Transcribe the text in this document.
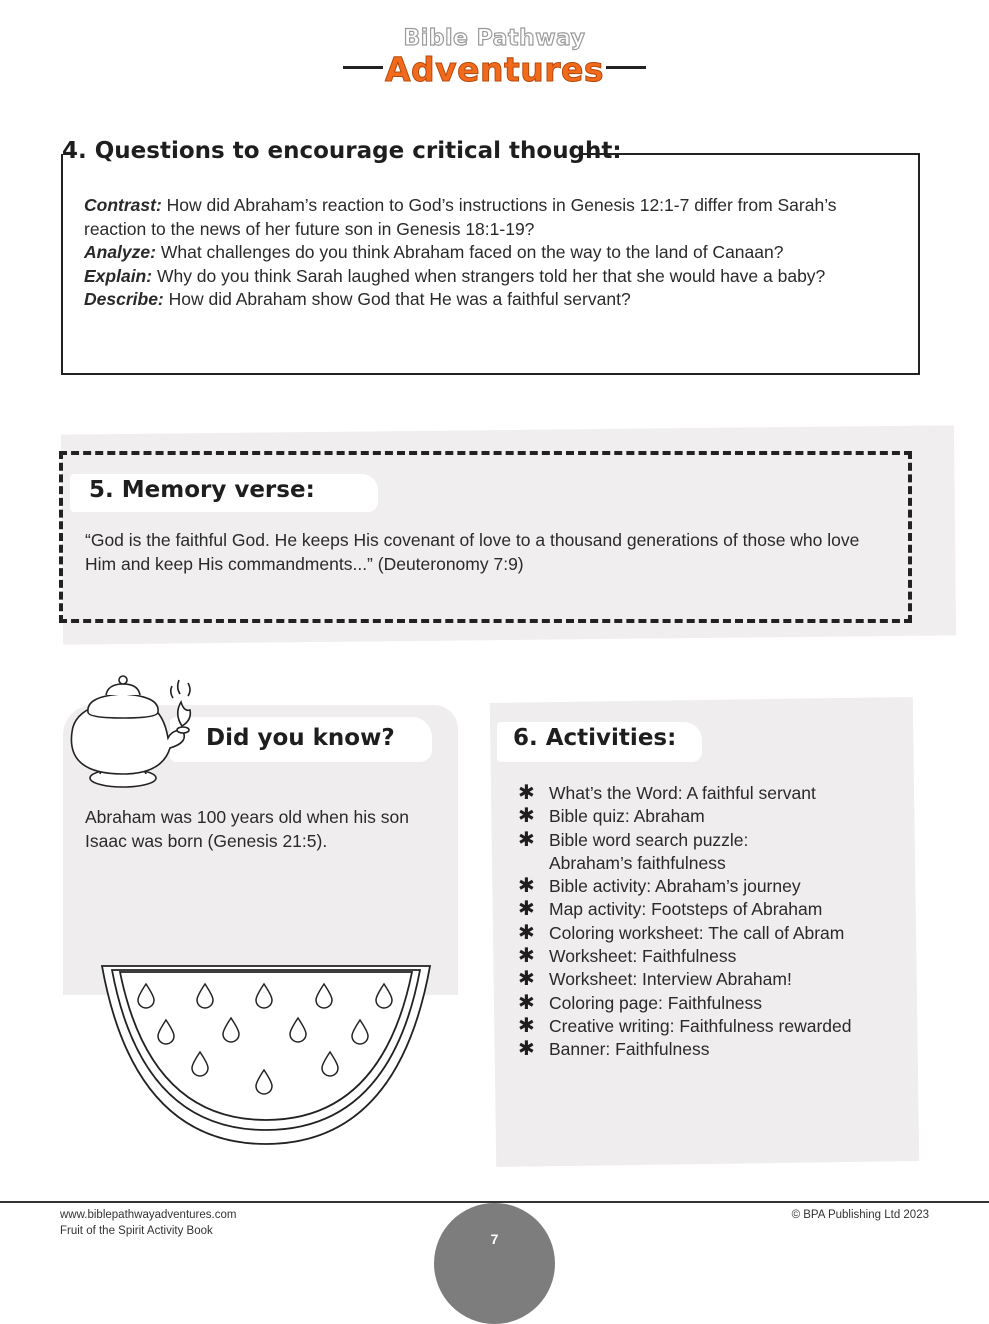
Bible Pathway
Adventures
4. Questions to encourage critical thought:

Contrast: How did Abraham’s reaction to God’s instructions in Genesis 12:1-7 differ from Sarah’s reaction to the news of her future son in Genesis 18:1-19?

Analyze: What challenges do you think Abraham faced on the way to the land of Canaan?

Explain: Why do you think Sarah laughed when strangers told her that she would have a baby?

Describe: How did Abraham show God that He was a faithful servant?

5. Memory verse:
“God is the faithful God. He keeps His covenant of love to a thousand generations of those who love Him and keep His commandments...” (Deuteronomy 7:9)
Did you know?
Abraham was 100 years old when his son Isaac was born (Genesis 21:5).
6. Activities:
✱ What’s the Word: A faithful servant
✱ Bible quiz: Abraham
✱ Bible word search puzzle:
Abraham’s faithfulness
✱ Bible activity: Abraham’s journey
✱ Map activity: Footsteps of Abraham
✱ Coloring worksheet: The call of Abram
✱ Worksheet: Faithfulness
✱ Worksheet: Interview Abraham!
✱ Coloring page: Faithfulness
✱ Creative writing: Faithfulness rewarded
✱ Banner: Faithfulness
www.biblepathwayadventures.com
Fruit of the Spirit Activity Book
© BPA Publishing Ltd 2023
7
